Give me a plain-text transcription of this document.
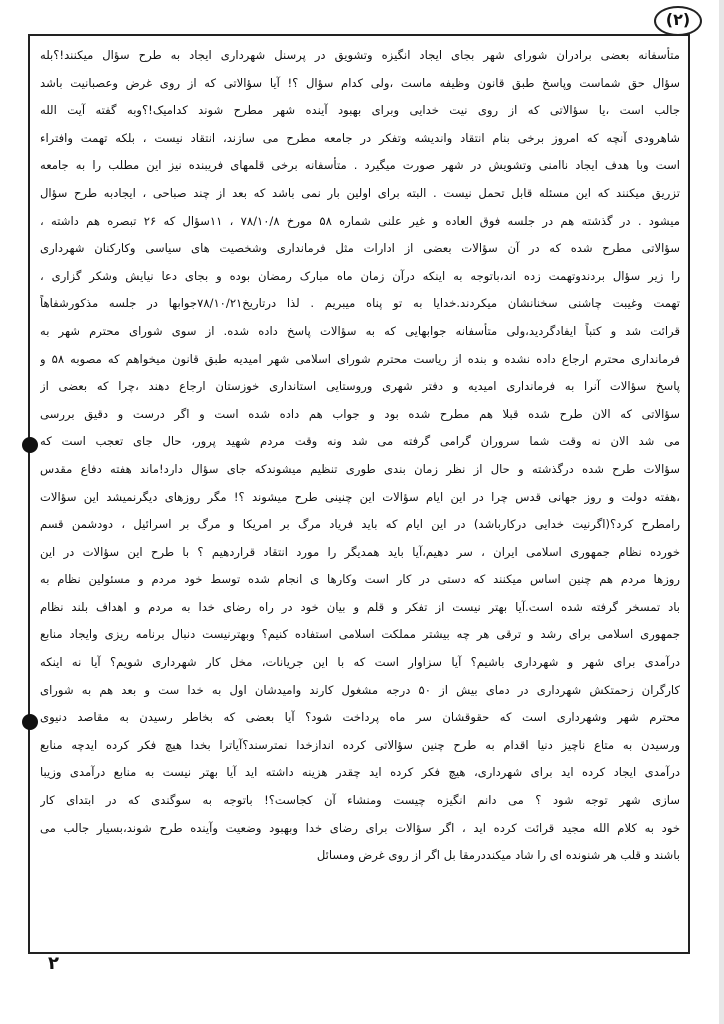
(٢)
متأسفانه بعضی برادران شورای شهر بجای ایجاد انگیزه وتشویق در پرسنل شهرداری ایجاد به طرح سؤال میکنند!؟بله
سؤال حق شماست وپاسخ طبق قانون وظیفه ماست ،ولی کدام سؤال ؟! آیا سؤالاتی که از روی غرض وعصبانیت باشد
جالب است ،یا سؤالاتی که از روی نیت خدایی وبرای بهبود آینده شهر مطرح شوند کدامیک!؟وبه گفته آیت الله
شاهرودی آنچه که امروز برخی بنام انتقاد واندیشه وتفکر در جامعه مطرح می سازند، انتقاد نیست ، بلکه تهمت وافتراء
است وبا هدف ایجاد ناامنی وتشویش در شهر صورت میگیرد . متأسفانه برخی قلمهای فریبنده نیز این مطلب را به جامعه
تزریق میکنند که این مسئله قابل تحمل نیست . البته برای اولین بار نمی باشد که بعد از چند صباحی ، ایجادبه طرح سؤال
میشود . در گذشته هم در جلسه فوق العاده و غیر علنی شماره ۵۸ مورخ ۷۸/۱۰/۸ ، ۱۱سؤال که ۲۶ تبصره هم داشته ،
سؤالاتی مطرح شده که در آن سؤالات بعضی از ادارات مثل فرمانداری وشخصیت های سیاسی وکارکنان شهرداری
را زیر سؤال بردندوتهمت زده اند،باتوجه به اینکه درآن زمان ماه مبارک رمضان بوده و بجای دعا نیایش وشکر گزاری ،
تهمت وغیبت چاشنی سخنانشان میکردند.خدایا به تو پناه میبریم . لذا درتاریخ۷۸/۱۰/۲۱جوابها در جلسه مذکورشفاهاً
قرائت شد و کتباً ایفادگردید،ولی متأسفانه جوابهایی که به سؤالات پاسخ داده شده. از سوی شورای محترم شهر به
فرمانداری محترم ارجاع داده نشده و بنده از ریاست محترم شورای اسلامی شهر امیدیه طبق قانون میخواهم که مصوبه ۵۸ و
پاسخ سؤالات آنرا به فرمانداری امیدیه و دفتر شهری وروستایی استانداری خوزستان ارجاع دهند ،چرا که بعضی از
سؤالاتی که الان طرح شده قبلا هم مطرح شده بود و جواب هم داده شده است و اگر درست و دقیق بررسی
می شد الان نه وقت شما سروران گرامی گرفته می شد ونه وقت مردم شهید پرور، حال جای تعجب است که
سؤالات طرح شده درگذشته و حال از نظر زمان بندی طوری تنظیم میشوندکه جای سؤال دارد!ماند هفته دفاع مقدس
،هفته دولت و روز جهانی قدس چرا در این ایام سؤالات این چنینی طرح میشوند ؟! مگر روزهای دیگرنمیشد این سؤالات
رامطرح کرد؟(اگرنیت خدایی درکارباشد) در این ایام که باید فریاد مرگ بر امریکا و مرگ بر اسرائیل ، دودشمن قسم
خورده نظام جمهوری اسلامی ایران ، سر دهیم،آیا باید همدیگر را مورد انتقاد قراردهیم ؟ با طرح این سؤالات در این
روزها مردم هم چنین اساس میکنند که دستی در کار است وکارها ی انجام شده توسط خود مردم و مسئولین نظام به
باد تمسخر گرفته شده است.آیا بهتر نیست از تفکر و قلم و بیان خود در راه رضای خدا به مردم و اهداف بلند نظام
جمهوری اسلامی برای رشد و ترقی هر چه بیشتر مملکت اسلامی استفاده کنیم؟ وبهترنیست دنبال برنامه ریزی وایجاد منابع
درآمدی برای شهر و شهرداری باشیم؟ آیا سزاوار است که با این جریانات، مخل کار شهرداری شویم؟ آیا نه اینکه
کارگران زحمتکش شهرداری در دمای بیش از ۵۰ درجه مشغول کارند وامیدشان اول به خدا ست و بعد هم به شورای
محترم شهر وشهرداری است که حقوقشان سر ماه پرداخت شود؟ آیا بعضی که بخاطر رسیدن به مقاصد دنیوی
ورسیدن به متاع ناچیز دنیا اقدام به طرح چنین سؤالاتی کرده اندازخدا نمترسند؟آیاترا بخدا هیچ فکر کرده ایدچه منابع
درآمدی ایجاد کرده اید برای شهرداری، هیچ فکر کرده اید چقدر هزینه داشته اید آیا بهتر نیست به منابع درآمدی وزیبا
سازی شهر توجه شود ؟ می دانم انگیزه چیست ومنشاء آن کجاست؟! باتوجه به سوگندی که در ابتدای کار
خود به کلام الله مجید قرائت کرده اید ، اگر سؤالات برای رضای خدا وبهبود وضعیت وآینده طرح شوند،بسیار جالب می
باشند و قلب هر شنونده ای را شاد میکنددرمقا بل اگر از روی غرض ومسائل
۲
